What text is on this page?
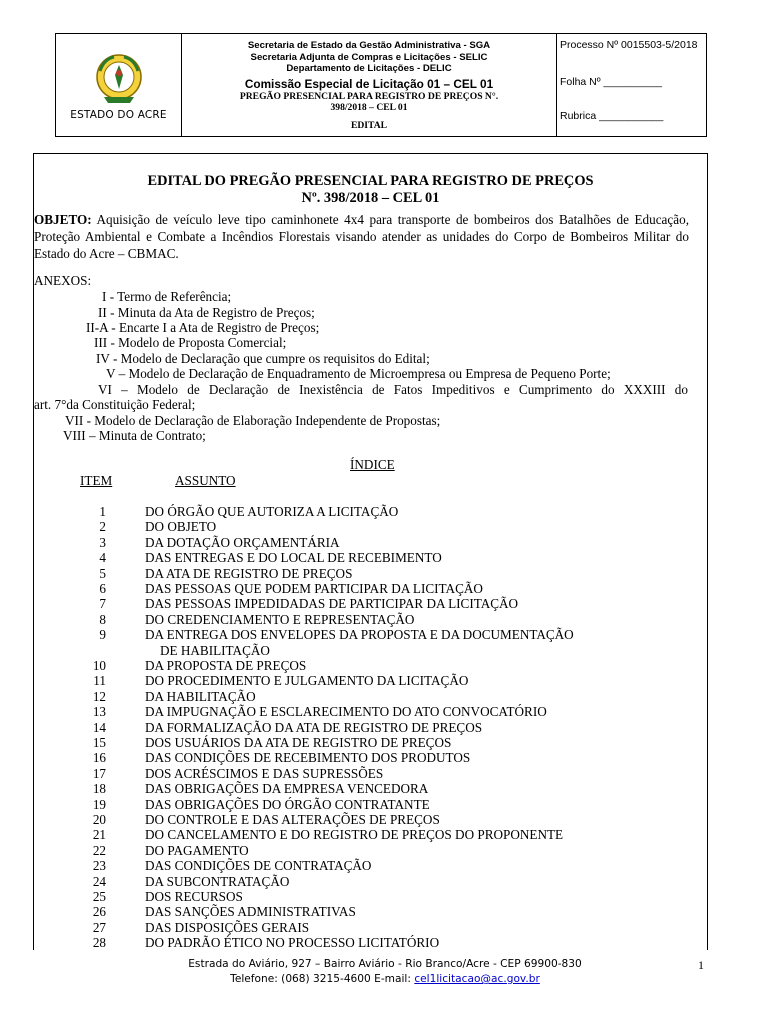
ESTADO DO ACRE
Secretaria de Estado da Gestão Administrativa - SGA
Secretaria Adjunta de Compras e Licitações - SELIC
Departamento de Licitações - DELIC
Comissão Especial de Licitação 01 – CEL 01
PREGÃO PRESENCIAL PARA REGISTRO DE PREÇOS N°.
398/2018 – CEL 01
EDITAL
Processo Nº 0015503-5/2018
Folha Nº __________
Rubrica ___________
EDITAL DO PREGÃO PRESENCIAL PARA REGISTRO DE PREÇOS
Nº. 398/2018 – CEL 01
OBJETO: Aquisição de veículo leve tipo caminhonete 4x4 para transporte de bombeiros dos Batalhões de Educação, Proteção Ambiental e Combate a Incêndios Florestais visando atender as unidades do Corpo de Bombeiros Militar do Estado do Acre – CBMAC.
ANEXOS:
I - Termo de Referência;
II - Minuta da Ata de Registro de Preços;
II-A - Encarte I a Ata de Registro de Preços;
III - Modelo de Proposta Comercial;
IV - Modelo de Declaração que cumpre os requisitos do Edital;
V – Modelo de Declaração de Enquadramento de Microempresa ou Empresa de Pequeno Porte;
VI – Modelo de Declaração de Inexistência de Fatos Impeditivos e Cumprimento do XXXIII do
art. 7°da Constituição Federal;
VII - Modelo de Declaração de Elaboração Independente de Propostas;
VIII – Minuta de Contrato;
ÍNDICE
ITEM	ASSUNTO
1	DO ÓRGÃO QUE AUTORIZA A LICITAÇÃO
2	DO OBJETO
3	DA DOTAÇÃO ORÇAMENTÁRIA
4	DAS ENTREGAS E DO LOCAL DE RECEBIMENTO
5	DA ATA DE REGISTRO DE PREÇOS
6	DAS PESSOAS QUE PODEM PARTICIPAR DA LICITAÇÃO
7	DAS PESSOAS IMPEDIDADAS DE PARTICIPAR DA LICITAÇÃO
8	DO CREDENCIAMENTO E REPRESENTAÇÃO
9	DA ENTREGA DOS ENVELOPES DA PROPOSTA E DA DOCUMENTAÇÃO
DE HABILITAÇÃO
10	DA PROPOSTA DE PREÇOS
11	DO PROCEDIMENTO E JULGAMENTO DA LICITAÇÃO
12	DA HABILITAÇÃO
13	DA IMPUGNAÇÃO E ESCLARECIMENTO DO ATO CONVOCATÓRIO
14	DA FORMALIZAÇÃO DA ATA DE REGISTRO DE PREÇOS
15	DOS USUÁRIOS DA ATA DE REGISTRO DE PREÇOS
16	DAS CONDIÇÕES DE RECEBIMENTO DOS PRODUTOS
17	DOS ACRÉSCIMOS E DAS SUPRESSÕES
18	DAS OBRIGAÇÕES DA EMPRESA VENCEDORA
19	DAS OBRIGAÇÕES DO ÓRGÃO CONTRATANTE
20	DO CONTROLE E DAS ALTERAÇÕES DE PREÇOS
21	DO CANCELAMENTO E DO REGISTRO DE PREÇOS DO PROPONENTE
22	DO PAGAMENTO
23	DAS CONDIÇÕES DE CONTRATAÇÃO
24	DA SUBCONTRATAÇÃO
25	DOS RECURSOS
26	DAS SANÇÕES ADMINISTRATIVAS
27	DAS DISPOSIÇÕES GERAIS
28	DO PADRÃO ÉTICO NO PROCESSO LICITATÓRIO
Estrada do Aviário, 927 – Bairro Aviário - Rio Branco/Acre - CEP 69900-830
Telefone: (068) 3215-4600 E-mail: cel1licitacao@ac.gov.br
1
